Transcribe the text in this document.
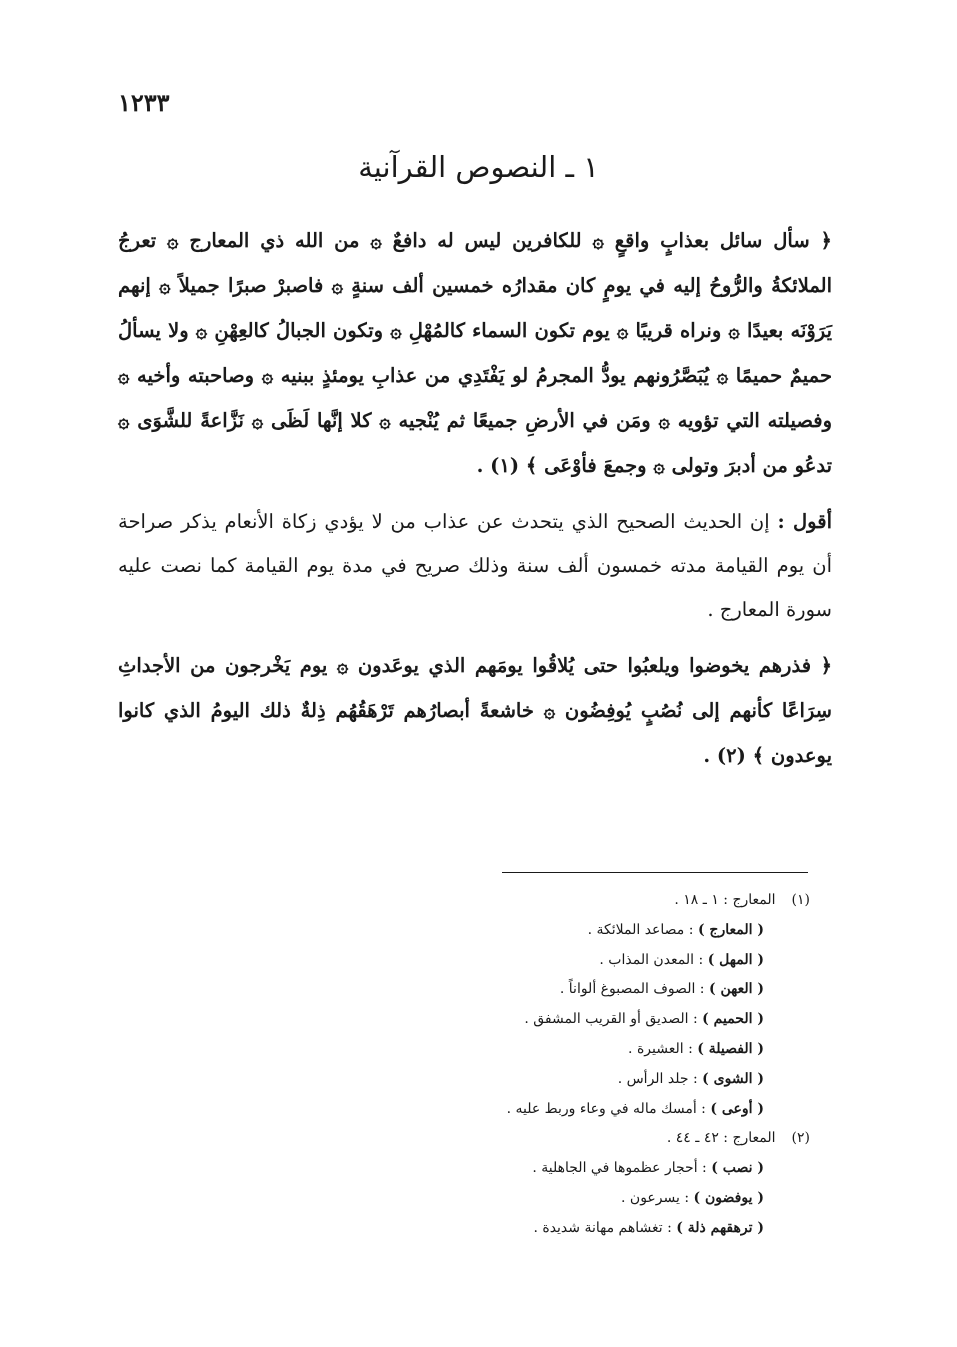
١٢٣٣
١ ـ النصوص القرآنية
﴿ سأل سائل بعذابٍ واقعٍ ۞ للكافرين ليس له دافعٌ ۞ من الله ذي المعارج ۞ تعرجُ الملائكةُ والرُّوحُ إليه في يومٍ كان مقدارُه خمسين ألف سنةٍ ۞ فاصبرْ صبرًا جميلاً ۞ إنهم يَرَوْنَه بعيدًا ۞ ونراه قريبًا ۞ يوم تكون السماء كالمُهْلِ ۞ وتكون الجبالُ كالعِهْنِ ۞ ولا يسألُ حميمٌ حميمًا ۞ يُبَصَّرُونهم يودُّ المجرمُ لو يَفْتَدِي من عذابِ يومئذٍ ببنيه ۞ وصاحبته وأخيه ۞ وفصيلته التي تؤويه ۞ ومَن في الأرضِ جميعًا ثم يُنْجيه ۞ كلا إنَّها لَظَى ۞ نَزَّاعةً للشَّوَى ۞ تدعُو من أدبرَ وتولى ۞ وجمعَ فأوْعَى ﴾ (١) .
أقول : إن الحديث الصحيح الذي يتحدث عن عذاب من لا يؤدي زكاة الأنعام يذكر صراحة أن يوم القيامة مدته خمسون ألف سنة وذلك صريح في مدة يوم القيامة كما نصت عليه سورة المعارج .
﴿ فذرهم يخوضوا ويلعبُوا حتى يُلاقُوا يومَهم الذي يوعَدون ۞ يوم يَخْرجون من الأجداثِ سِرَاعًا كأنهم إلى نُصُبٍ يُوفِضُون ۞ خاشعةً أبصارُهم تَرْهَقُهُم ذِلةٌ ذلك اليومُ الذي كانوا يوعدون ﴾ (٢) .
(١) المعارج : ١ ـ ١٨ .
( المعارج ) : مصاعد الملائكة .
( المهل ) : المعدن المذاب .
( العهن ) : الصوف المصبوغ ألواناً .
( الحميم ) : الصديق أو القريب المشفق .
( الفصيلة ) : العشيرة .
( الشوى ) : جلد الرأس .
( أوعى ) : أمسك ماله في وعاء وربط عليه .
(٢) المعارج : ٤٢ ـ ٤٤ .
( نصب ) : أحجار عظموها في الجاهلية .
( يوفضون ) : يسرعون .
( ترهقهم ذلة ) : تغشاهم مهانة شديدة .
